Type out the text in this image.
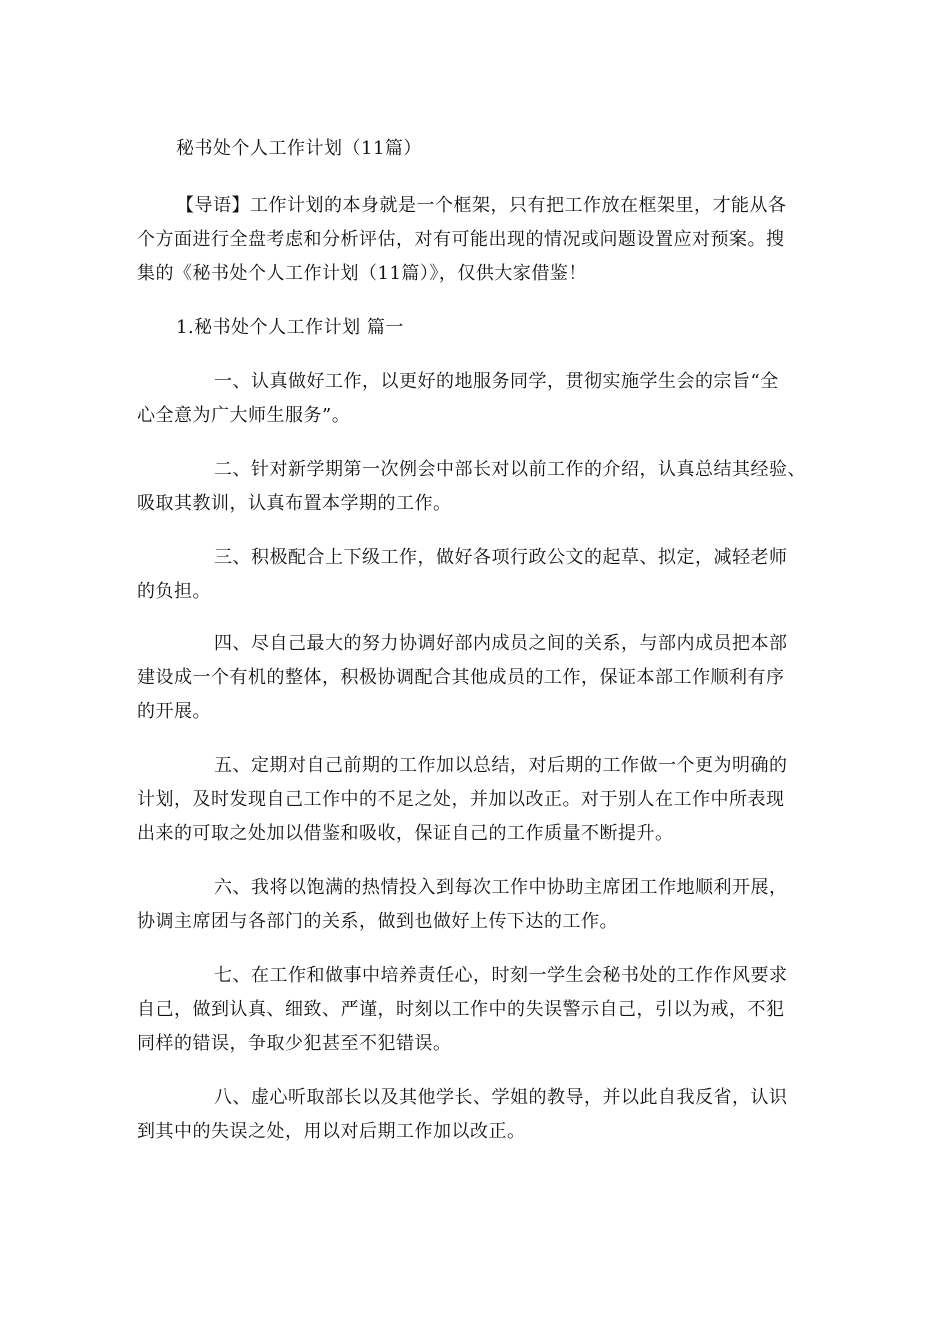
秘书处个人工作计划（11篇）
【导语】工作计划的本身就是一个框架，只有把工作放在框架里，才能从各
个方面进行全盘考虑和分析评估，对有可能出现的情况或问题设置应对预案。搜
集的《秘书处个人工作计划（11篇）》，仅供大家借鉴！
1.秘书处个人工作计划 篇一
一、认真做好工作，以更好的地服务同学，贯彻实施学生会的宗旨“全
心全意为广大师生服务”。
二、针对新学期第一次例会中部长对以前工作的介绍，认真总结其经验、
吸取其教训，认真布置本学期的工作。
三、积极配合上下级工作，做好各项行政公文的起草、拟定，减轻老师
的负担。
四、尽自己最大的努力协调好部内成员之间的关系，与部内成员把本部
建设成一个有机的整体，积极协调配合其他成员的工作，保证本部工作顺利有序
的开展。
五、定期对自己前期的工作加以总结，对后期的工作做一个更为明确的
计划，及时发现自己工作中的不足之处，并加以改正。对于别人在工作中所表现
出来的可取之处加以借鉴和吸收，保证自己的工作质量不断提升。
六、我将以饱满的热情投入到每次工作中协助主席团工作地顺利开展，
协调主席团与各部门的关系，做到也做好上传下达的工作。
七、在工作和做事中培养责任心，时刻一学生会秘书处的工作作风要求
自己，做到认真、细致、严谨，时刻以工作中的失误警示自己，引以为戒，不犯
同样的错误，争取少犯甚至不犯错误。
八、虚心听取部长以及其他学长、学姐的教导，并以此自我反省，认识
到其中的失误之处，用以对后期工作加以改正。
